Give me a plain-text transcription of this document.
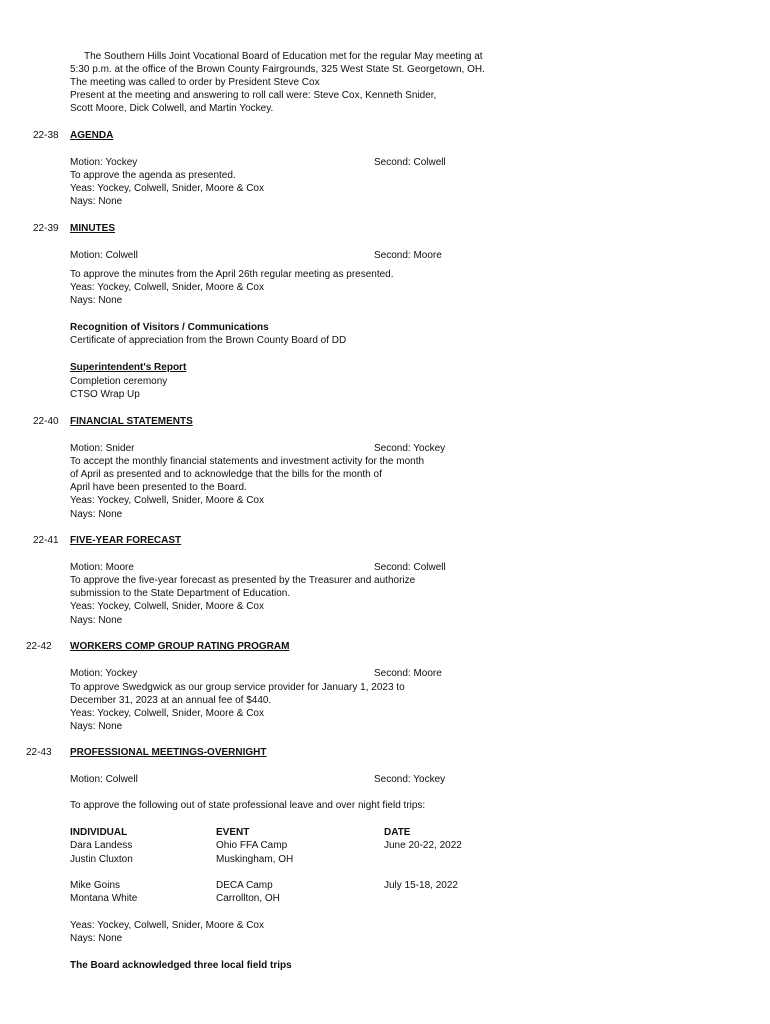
The Southern Hills Joint Vocational Board of Education met for the regular May meeting at
5:30 p.m. at the office of the Brown County Fairgrounds, 325 West State St. Georgetown, OH.
The meeting was called to order by President Steve Cox
Present at the meeting and answering to roll call were: Steve Cox, Kenneth Snider,
Scott Moore, Dick Colwell, and Martin Yockey.
22-38 AGENDA
Motion: Yockey	Second: Colwell
To approve the agenda as presented.
Yeas: Yockey, Colwell, Snider, Moore & Cox
Nays: None
22-39 MINUTES
Motion: Colwell	Second: Moore
To approve the minutes from the April 26th regular meeting as presented.
Yeas: Yockey, Colwell, Snider, Moore & Cox
Nays: None
Recognition of Visitors / Communications
Certificate of appreciation from the Brown County Board of DD
Superintendent's Report
Completion ceremony
CTSO Wrap Up
22-40 FINANCIAL STATEMENTS
Motion: Snider	Second: Yockey
To accept the monthly financial statements and investment activity for the month
of April as presented and to acknowledge that the bills for the month of
April have been presented to the Board.
Yeas: Yockey, Colwell, Snider, Moore & Cox
Nays: None
22-41 FIVE-YEAR FORECAST
Motion: Moore	Second: Colwell
To approve the five-year forecast as presented by the Treasurer and authorize
submission to the State Department of Education.
Yeas: Yockey, Colwell, Snider, Moore & Cox
Nays: None
22-42 WORKERS COMP GROUP RATING PROGRAM
Motion: Yockey	Second: Moore
To approve Swedgwick as our group service provider for January 1, 2023 to
December 31, 2023 at an annual fee of $440.
Yeas: Yockey, Colwell, Snider, Moore & Cox
Nays: None
22-43 PROFESSIONAL MEETINGS-OVERNIGHT
Motion: Colwell	Second: Yockey
To approve the following out of state professional leave and over night field trips:
INDIVIDUAL	EVENT	DATE
Dara Landess	Ohio FFA Camp	June 20-22, 2022
Justin Cluxton	Muskingham, OH
Mike Goins	DECA Camp	July 15-18, 2022
Montana White	Carrollton, OH
Yeas: Yockey, Colwell, Snider, Moore & Cox
Nays: None
The Board acknowledged three local field trips
